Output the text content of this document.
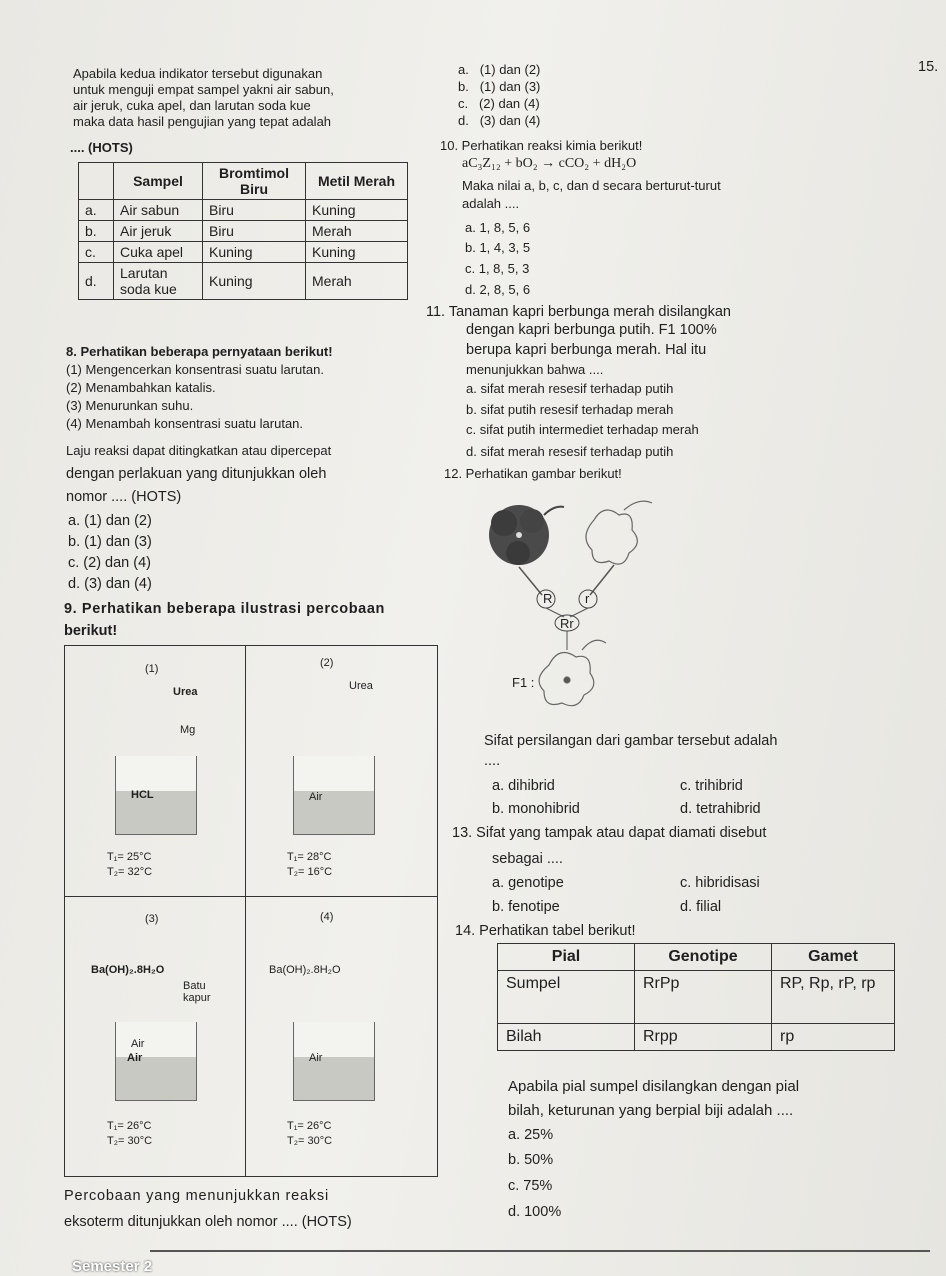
15.
Apabila kedua indikator tersebut digunakan
untuk menguji empat sampel yakni air sabun,
air jeruk, cuka apel, dan larutan soda kue
maka data hasil pengujian yang tepat adalah
.... (HOTS)
	Sampel	Bromtimol Biru	Metil Merah
a.	Air sabun	Biru	Kuning
b.	Air jeruk	Biru	Merah
c.	Cuka apel	Kuning	Kuning
d.	Larutan soda kue	Kuning	Merah
a. (1) dan (2)
b. (1) dan (3)
c. (2) dan (4)
d. (3) dan (4)
10. Perhatikan reaksi kimia berikut!
aC₃Z₁₂ + bO₂ → cCO₂ + dH₂O
Maka nilai a, b, c, dan d secara berturut-turut
adalah ....
a. 1, 8, 5, 6
b. 1, 4, 3, 5
c. 1, 8, 5, 3
d. 2, 8, 5, 6
11. Tanaman kapri berbunga merah disilangkan
dengan kapri berbunga putih. F1 100%
berupa kapri berbunga merah. Hal itu
menunjukkan bahwa ....
a. sifat merah resesif terhadap putih
b. sifat putih resesif terhadap merah
c. sifat putih intermediet terhadap merah
d. sifat merah resesif terhadap putih
8. Perhatikan beberapa pernyataan berikut!
(1) Mengencerkan konsentrasi suatu larutan.
(2) Menambahkan katalis.
(3) Menurunkan suhu.
(4) Menambah konsentrasi suatu larutan.
Laju reaksi dapat ditingkatkan atau dipercepat
dengan perlakuan yang ditunjukkan oleh
nomor .... (HOTS)
a. (1) dan (2)
b. (1) dan (3)
c. (2) dan (4)
d. (3) dan (4)
9. Perhatikan beberapa ilustrasi percobaan
berikut!
(1)
Urea
Mg
HCL
T₁= 25°C
T₂= 32°C
(2)
Urea
Air
T₁= 28°C
T₂= 16°C
(3)
Ba(OH)₂.8H₂O
Batu kapur
Air
Air
T₁= 26°C
T₂= 30°C
(4)
Ba(OH)₂.8H₂O
Air
T₁= 26°C
T₂= 30°C
Percobaan yang menunjukkan reaksi
eksoterm ditunjukkan oleh nomor .... (HOTS)
12. Perhatikan gambar berikut!
R	r
Rr
F1 :
Sifat persilangan dari gambar tersebut adalah
....
a. dihibrid	c. trihibrid
b. monohibrid	d. tetrahibrid
13. Sifat yang tampak atau dapat diamati disebut
sebagai ....
a. genotipe	c. hibridisasi
b. fenotipe	d. filial
14. Perhatikan tabel berikut!
Pial	Genotipe	Gamet
Sumpel	RrPp	RP, Rp, rP, rp
Bilah	Rrpp	rp
Apabila pial sumpel disilangkan dengan pial
bilah, keturunan yang berpial biji adalah ....
a. 25%
b. 50%
c. 75%
d. 100%
Semester 2
